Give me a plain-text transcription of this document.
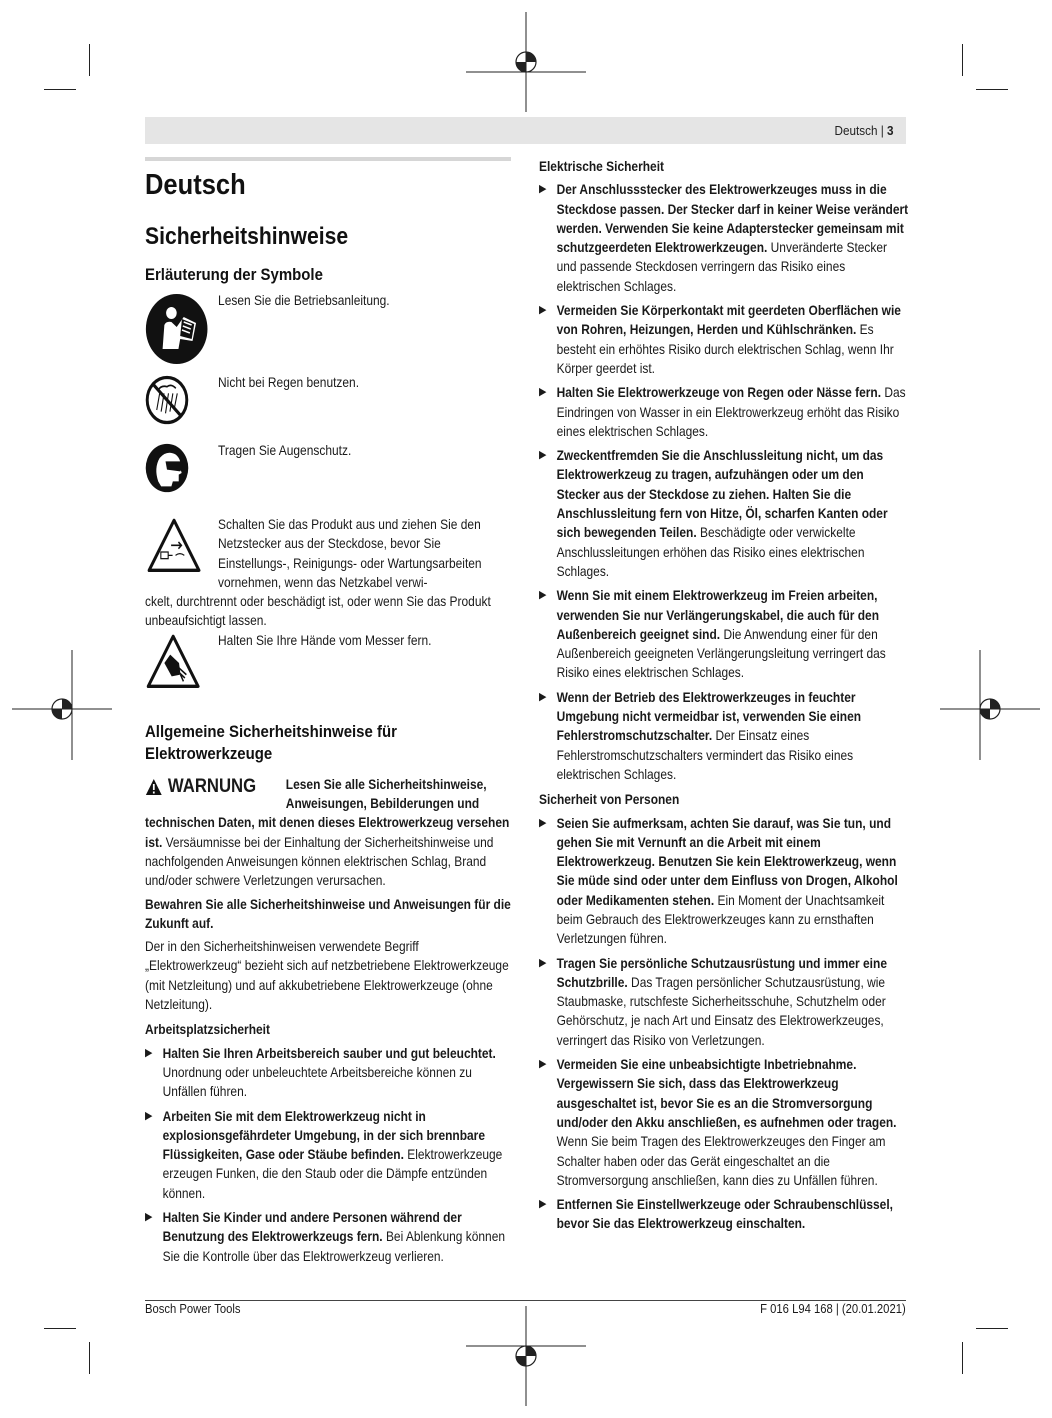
Deutsch | 3
Deutsch
Sicherheitshinweise
Erläuterung der Symbole
Lesen Sie die Betriebsanleitung.
Nicht bei Regen benutzen.
Tragen Sie Augenschutz.
Schalten Sie das Produkt aus und ziehen Sie den Netzstecker aus der Steckdose, bevor Sie Einstellungs-, Reinigungs- oder Wartungsarbeiten vornehmen, wenn das Netzkabel verwi-
ckelt, durchtrennt oder beschädigt ist, oder wenn Sie das Produkt unbeaufsichtigt lassen.
Halten Sie Ihre Hände vom Messer fern.
Allgemeine Sicherheitshinweise für Elektrowerkzeuge
WARNUNG	Lesen Sie alle Sicherheitshinweise, Anweisungen, Bebilderungen und technischen Daten, mit denen dieses Elektrowerkzeug versehen ist. Versäumnisse bei der Einhaltung der Sicherheitshinweise und nachfolgenden Anweisungen können elektrischen Schlag, Brand und/oder schwere Verletzungen verursachen.

Bewahren Sie alle Sicherheitshinweise und Anweisungen für die Zukunft auf.

Der in den Sicherheitshinweisen verwendete Begriff „Elektrowerkzeug“ bezieht sich auf netzbetriebene Elektrowerkzeuge (mit Netzleitung) und auf akkubetriebene Elektrowerkzeuge (ohne Netzleitung).

Arbeitsplatzsicherheit
▶ Halten Sie Ihren Arbeitsbereich sauber und gut beleuchtet. Unordnung oder unbeleuchtete Arbeitsbereiche können zu Unfällen führen.
▶ Arbeiten Sie mit dem Elektrowerkzeug nicht in explosionsgefährdeter Umgebung, in der sich brennbare Flüssigkeiten, Gase oder Stäube befinden. Elektrowerkzeuge erzeugen Funken, die den Staub oder die Dämpfe entzünden können.
▶ Halten Sie Kinder und andere Personen während der Benutzung des Elektrowerkzeugs fern. Bei Ablenkung können Sie die Kontrolle über das Elektrowerkzeug verlieren.
Elektrische Sicherheit
▶ Der Anschlussstecker des Elektrowerkzeuges muss in die Steckdose passen. Der Stecker darf in keiner Weise verändert werden. Verwenden Sie keine Adapterstecker gemeinsam mit schutzgeerdeten Elektrowerkzeugen. Unveränderte Stecker und passende Steckdosen verringern das Risiko eines elektrischen Schlages.
▶ Vermeiden Sie Körperkontakt mit geerdeten Oberflächen wie von Rohren, Heizungen, Herden und Kühlschränken. Es besteht ein erhöhtes Risiko durch elektrischen Schlag, wenn Ihr Körper geerdet ist.
▶ Halten Sie Elektrowerkzeuge von Regen oder Nässe fern. Das Eindringen von Wasser in ein Elektrowerkzeug erhöht das Risiko eines elektrischen Schlages.
▶ Zweckentfremden Sie die Anschlussleitung nicht, um das Elektrowerkzeug zu tragen, aufzuhängen oder um den Stecker aus der Steckdose zu ziehen. Halten Sie die Anschlussleitung fern von Hitze, Öl, scharfen Kanten oder sich bewegenden Teilen. Beschädigte oder verwickelte Anschlussleitungen erhöhen das Risiko eines elektrischen Schlages.
▶ Wenn Sie mit einem Elektrowerkzeug im Freien arbeiten, verwenden Sie nur Verlängerungskabel, die auch für den Außenbereich geeignet sind. Die Anwendung einer für den Außenbereich geeigneten Verlängerungsleitung verringert das Risiko eines elektrischen Schlages.
▶ Wenn der Betrieb des Elektrowerkzeuges in feuchter Umgebung nicht vermeidbar ist, verwenden Sie einen Fehlerstromschutzschalter. Der Einsatz eines Fehlerstromschutzschalters vermindert das Risiko eines elektrischen Schlages.
Sicherheit von Personen
▶ Seien Sie aufmerksam, achten Sie darauf, was Sie tun, und gehen Sie mit Vernunft an die Arbeit mit einem Elektrowerkzeug. Benutzen Sie kein Elektrowerkzeug, wenn Sie müde sind oder unter dem Einfluss von Drogen, Alkohol oder Medikamenten stehen. Ein Moment der Unachtsamkeit beim Gebrauch des Elektrowerkzeuges kann zu ernsthaften Verletzungen führen.
▶ Tragen Sie persönliche Schutzausrüstung und immer eine Schutzbrille. Das Tragen persönlicher Schutzausrüstung, wie Staubmaske, rutschfeste Sicherheitsschuhe, Schutzhelm oder Gehörschutz, je nach Art und Einsatz des Elektrowerkzeuges, verringert das Risiko von Verletzungen.
▶ Vermeiden Sie eine unbeabsichtigte Inbetriebnahme. Vergewissern Sie sich, dass das Elektrowerkzeug ausgeschaltet ist, bevor Sie es an die Stromversorgung und/oder den Akku anschließen, es aufnehmen oder tragen. Wenn Sie beim Tragen des Elektrowerkzeuges den Finger am Schalter haben oder das Gerät eingeschaltet an die Stromversorgung anschließen, kann dies zu Unfällen führen.
▶ Entfernen Sie Einstellwerkzeuge oder Schraubenschlüssel, bevor Sie das Elektrowerkzeug einschalten.
Bosch Power Tools	F 016 L94 168 | (20.01.2021)
